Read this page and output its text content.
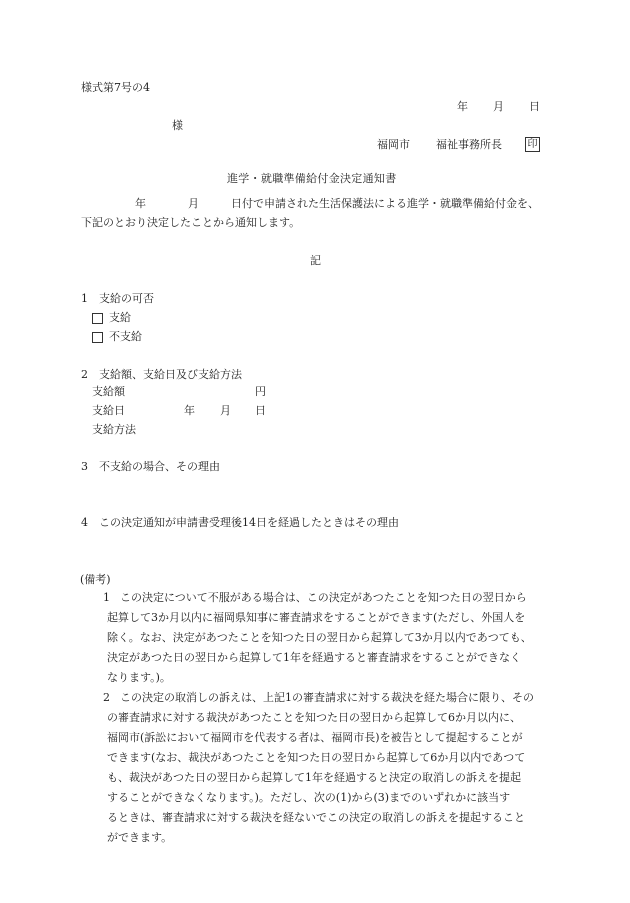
様式第7号の4
年 月 日
様
福岡市 福祉事務所長	印
進学・就職準備給付金決定通知書
年	月	日付で申請された生活保護法による進学・就職準備給付金を、
下記のとおり決定したことから通知します。
記
1　支給の可否
支給
不支給
2　支給額、支給日及び支給方法
支給額	円
支給日	年 月 日
支給方法
3　不支給の場合、その理由
4　この決定通知が申請書受理後14日を経過したときはその理由
(備考)
1 この決定について不服がある場合は、この決定があつたことを知つた日の翌日から
起算して3か月以内に福岡県知事に審査請求をすることができます(ただし、外国人を
除く。なお、決定があつたことを知つた日の翌日から起算して3か月以内であつても、
決定があつた日の翌日から起算して1年を経過すると審査請求をすることができなく
なります。)。
2 この決定の取消しの訴えは、上記1の審査請求に対する裁決を経た場合に限り、その
の審査請求に対する裁決があつたことを知つた日の翌日から起算して6か月以内に、
福岡市(訴訟において福岡市を代表する者は、福岡市長)を被告として提起することが
できます(なお、裁決があつたことを知つた日の翌日から起算して6か月以内であつて
も、裁決があつた日の翌日から起算して1年を経過すると決定の取消しの訴えを提起
することができなくなります。)。ただし、次の(1)から(3)までのいずれかに該当す
るときは、審査請求に対する裁決を経ないでこの決定の取消しの訴えを提起すること
ができます。
